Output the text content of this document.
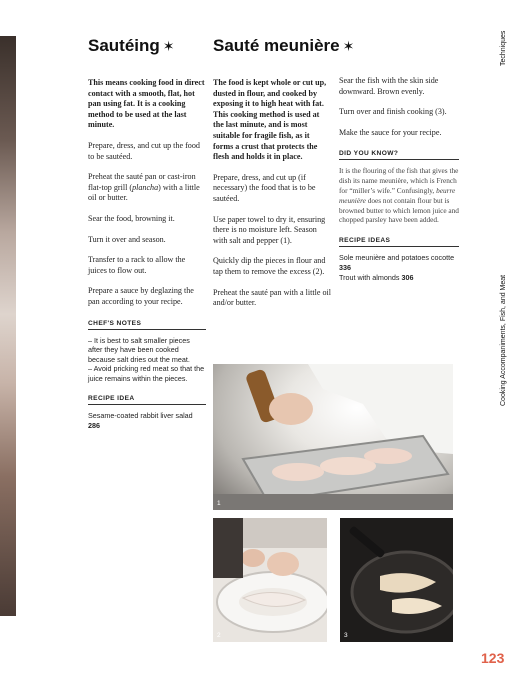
Sautéing ✶

This means cooking food in direct contact with a smooth, flat, hot pan using fat. It is a cooking method to be used at the last minute.

Prepare, dress, and cut up the food to be sautéed.

Preheat the sauté pan or cast-iron flat-top grill (plancha) with a little oil or butter.

Sear the food, browning it.

Turn it over and season.

Transfer to a rack to allow the juices to flow out.

Prepare a sauce by deglazing the pan according to your recipe.

CHEF'S NOTES

– It is best to salt smaller pieces after they have been cooked because salt dries out the meat.

– Avoid pricking red meat so that the juice remains within the pieces.

RECIPE IDEA

Sesame-coated rabbit liver salad 286

Sauté meunière ✶

The food is kept whole or cut up, dusted in flour, and cooked by exposing it to high heat with fat. This cooking method is used at the last minute, and is most suitable for fragile fish, as it forms a crust that protects the flesh and holds it in place.

Prepare, dress, and cut up (if necessary) the food that is to be sautéed.

Use paper towel to dry it, ensuring there is no moisture left. Season with salt and pepper (1).

Quickly dip the pieces in flour and tap them to remove the excess (2).

Preheat the sauté pan with a little oil and/or butter.

Sear the fish with the skin side downward. Brown evenly.

Turn over and finish cooking (3).

Make the sauce for your recipe.

DID YOU KNOW?

It is the flouring of the fish that gives the dish its name meunière, which is French for “miller’s wife.” Confusingly, beurre meunière does not contain flour but is browned butter to which lemon juice and chopped parsley have been added.

RECIPE IDEAS

Sole meunière and potatoes cocotte 336

Trout with almonds 306

1
2	3
Techniques
Cooking Accompaniments, Fish, and Meat
123
